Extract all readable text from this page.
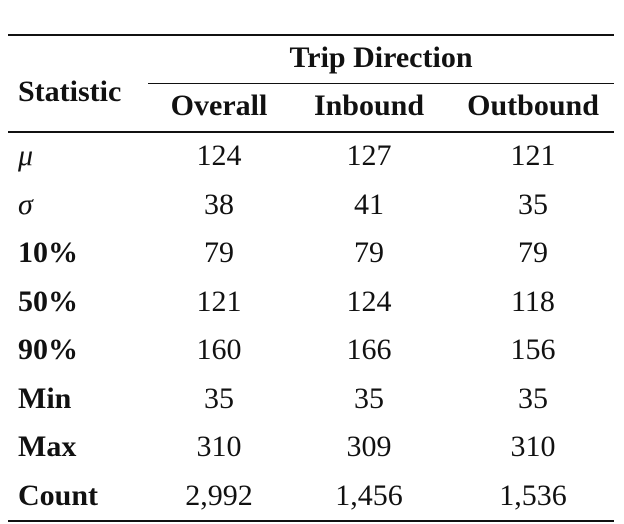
Statistic
Trip Direction
Overall	Inbound	Outbound
μ	124	127	121
σ	38	41	35
10%	79	79	79
50%	121	124	118
90%	160	166	156
Min	35	35	35
Max	310	309	310
Count	2,992	1,456	1,536
